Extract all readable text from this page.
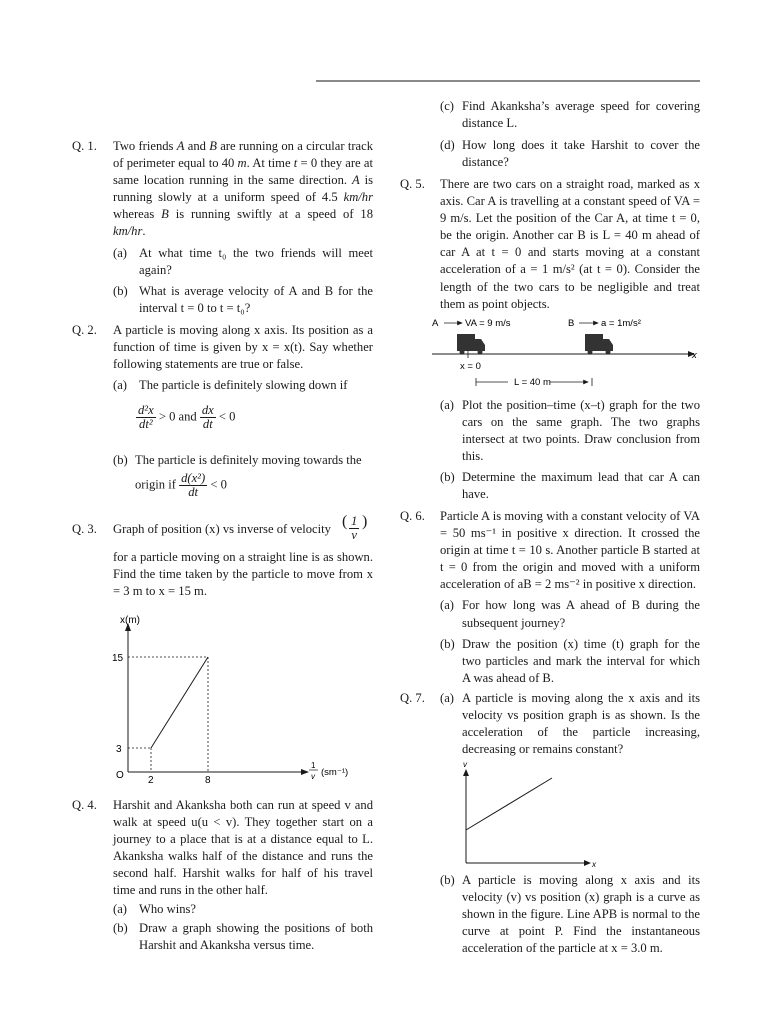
Q. 1. Two friends A and B are running on a circular track of perimeter equal to 40 m. At time t = 0 they are at same location running in the same direction. A is running slowly at a uniform speed of 4.5 km/hr whereas B is running swiftly at a speed of 18 km/hr.
(a) At what time t₀ the two friends will meet again?
(b) What is average velocity of A and B for the interval t = 0 to t = t₀?
Q. 2. A particle is moving along x axis. Its position as a function of time is given by x = x(t). Say whether following statements are true or false.
(a) The particle is definitely slowing down if
$\frac{\text{d²x}}{\text{dt²}} > 0$ and $\frac{dx}{dt} < 0$
(b) The particle is definitely moving towards the
origin if $\frac{\text{d(x²)}}{dt} < 0$
Q. 3. Graph of position (x) vs inverse of velocity ( $\frac{1}{v}$ )
for a particle moving on a straight line is as shown. Find the time taken by the particle to move from x = 3 m to x = 15 m.
x(m)
15
3
O 2	8
1
v (sm⁻¹)
Q. 4. Harshit and Akanksha both can run at speed v and walk at speed u(u < v). They together start on a journey to a place that is at a distance equal to L. Akanksha walks half of the distance and runs the second half. Harshit walks for half of his travel time and runs in the other half.
(a) Who wins?
(b) Draw a graph showing the positions of both Harshit and Akanksha versus time.
(c) Find Akanksha’s average speed for covering distance L.
(d) How long does it take Harshit to cover the distance?
Q. 5. There are two cars on a straight road, marked as x axis. Car A is travelling at a constant speed of VA = 9 m/s. Let the position of the Car A, at time t = 0, be the origin. Another car B is L = 40 m ahead of car A at t = 0 and starts moving at a constant acceleration of a = 1 m/s² (at t = 0). Consider the length of the two cars to be negligible and treat them as point objects.
A	VA = 9 m/s	B	a = 1m/s²
x
x = 0
L = 40 m
(a) Plot the position–time (x–t) graph for the two cars on the same graph. The two graphs intersect at two points. Draw conclusion from this.
(b) Determine the maximum lead that car A can have.
Q. 6. Particle A is moving with a constant velocity of VA = 50 ms⁻¹ in positive x direction. It crossed the origin at time t = 10 s. Another particle B started at t = 0 from the origin and moved with a uniform acceleration of aB = 2 ms⁻² in positive x direction.
(a) For how long was A ahead of B during the subsequent journey?
(b) Draw the position (x) time (t) graph for the two particles and mark the interval for which A was ahead of B.
Q. 7. (a) A particle is moving along the x axis and its velocity vs position graph is as shown. Is the acceleration of the particle increasing, decreasing or remains constant?
v
x
(b) A particle is moving along x axis and its velocity (v) vs position (x) graph is a curve as shown in the figure. Line APB is normal to the curve at point P. Find the instantaneous acceleration of the particle at x = 3.0 m.
